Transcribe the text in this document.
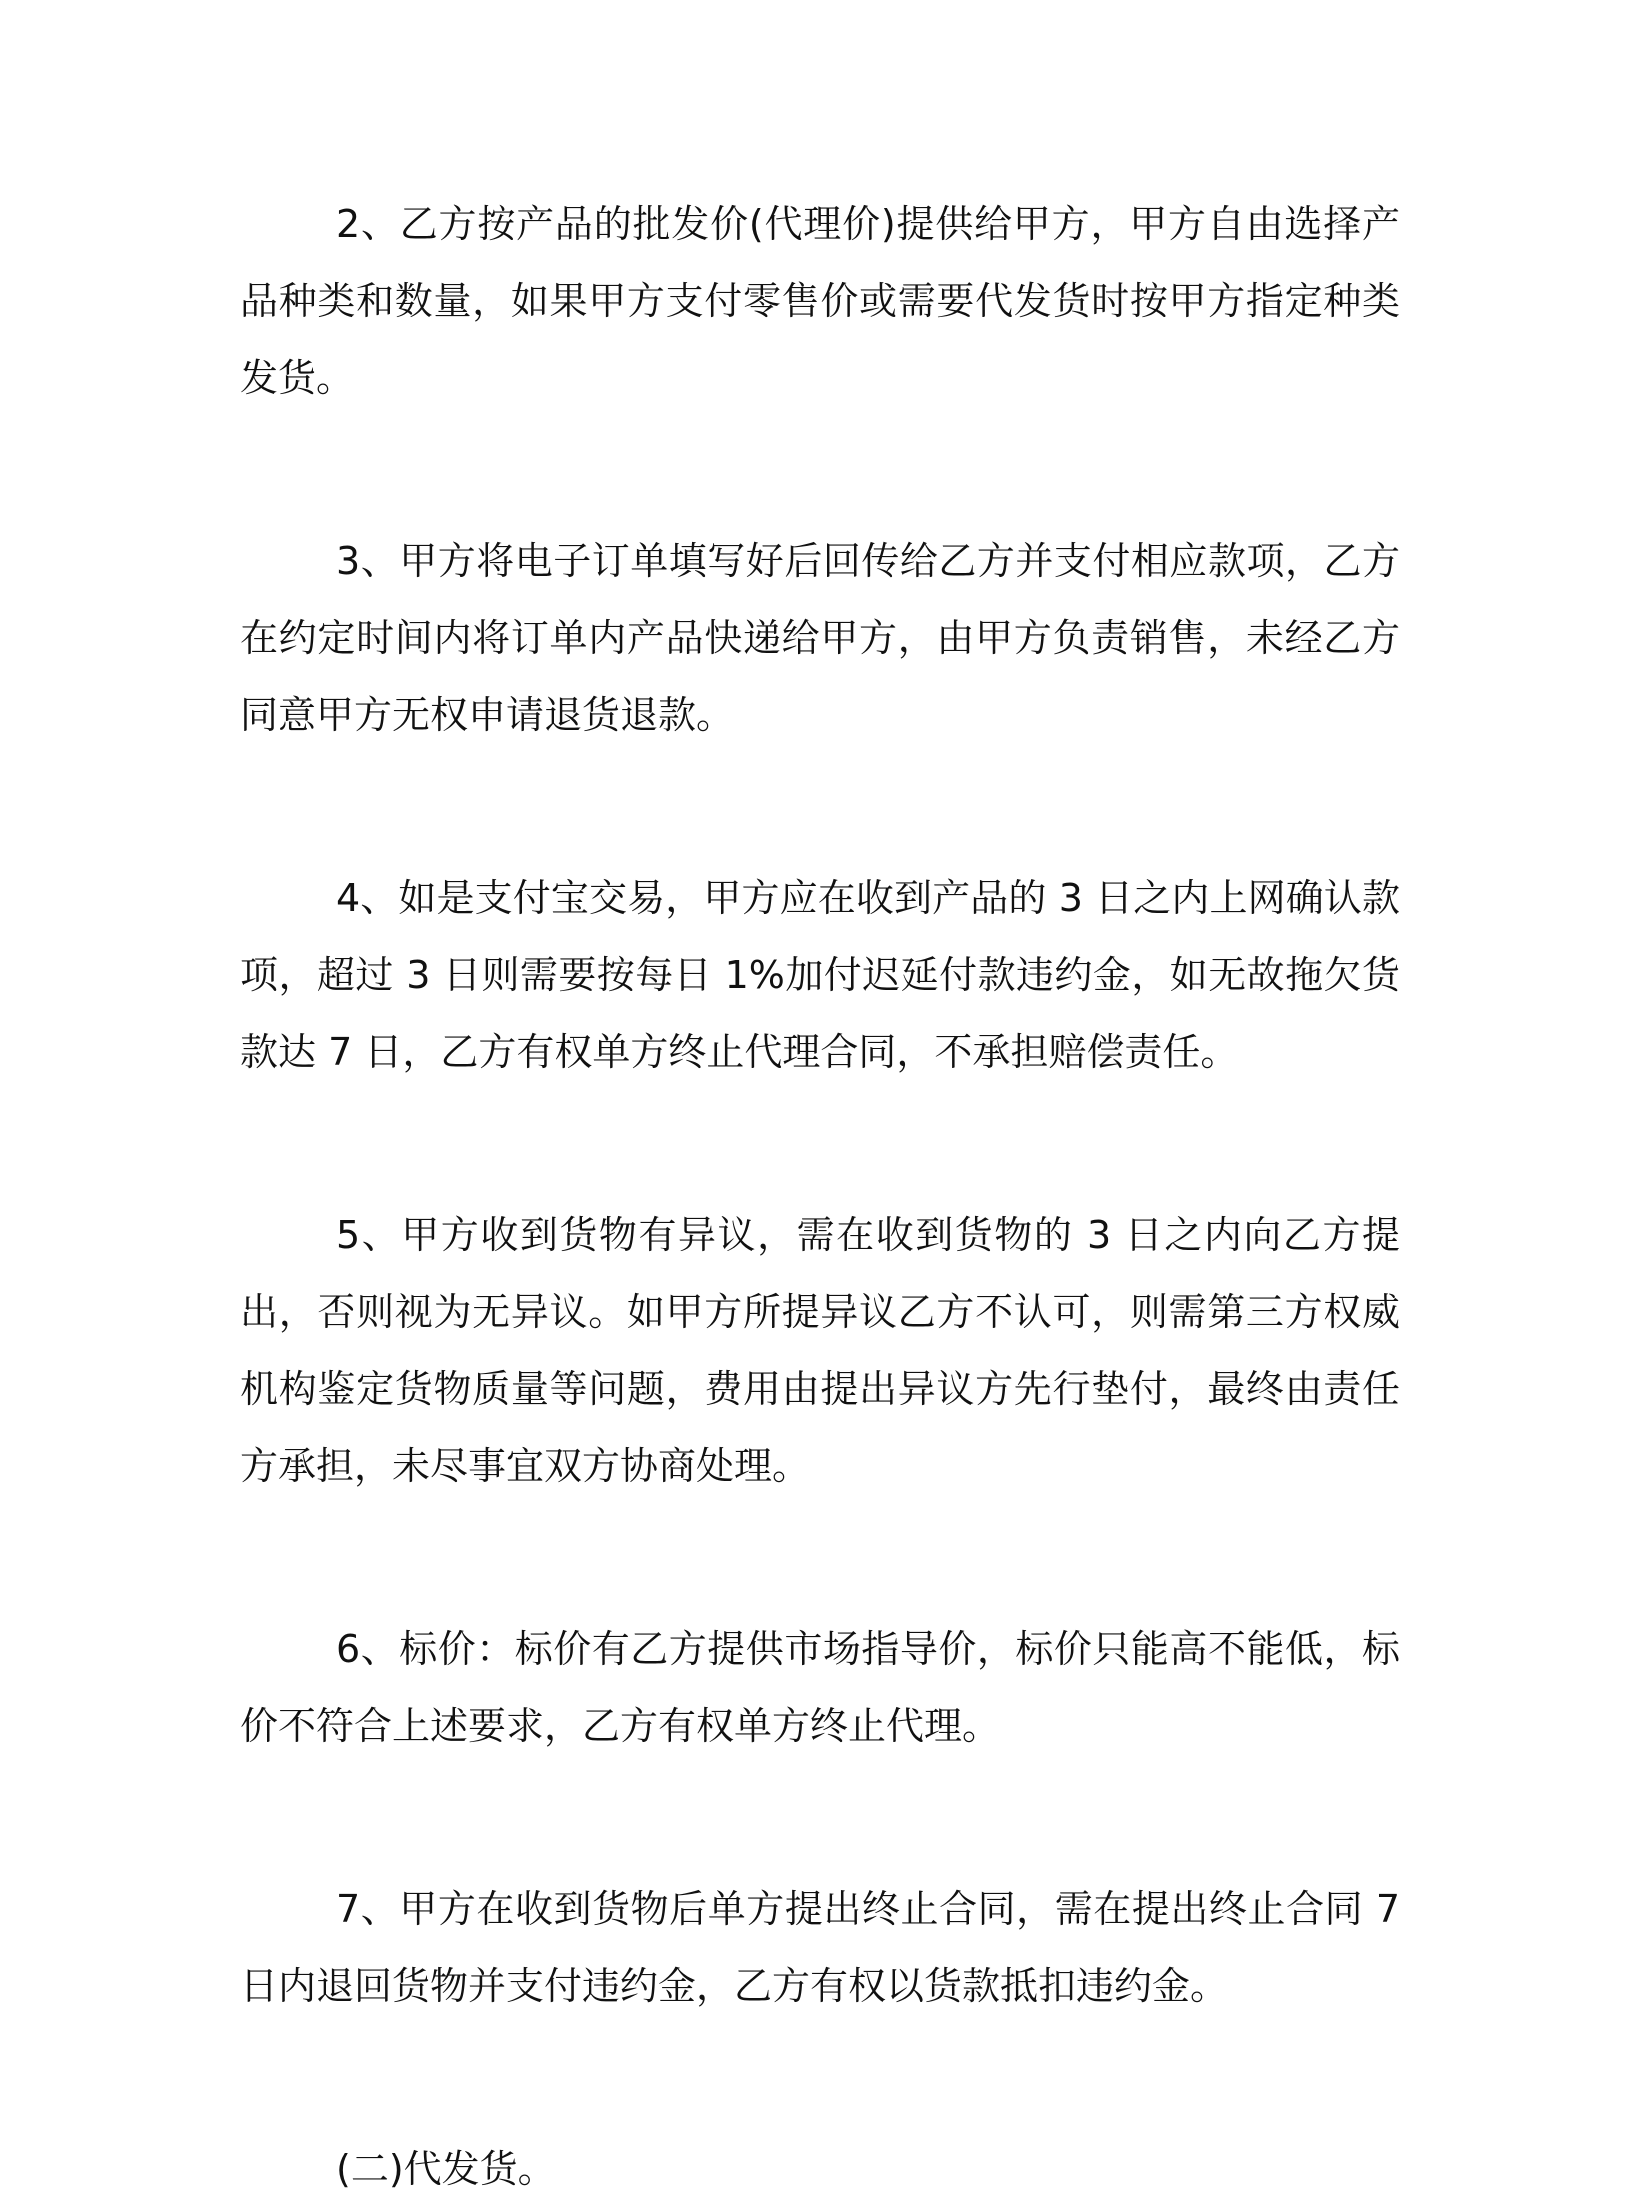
2、乙方按产品的批发价(代理价)提供给甲方，甲方自由选择产品种类和数量，如果甲方支付零售价或需要代发货时按甲方指定种类发货。

3、甲方将电子订单填写好后回传给乙方并支付相应款项，乙方在约定时间内将订单内产品快递给甲方，由甲方负责销售，未经乙方同意甲方无权申请退货退款。

4、如是支付宝交易，甲方应在收到产品的 3 日之内上网确认款项，超过 3 日则需要按每日 1%加付迟延付款违约金，如无故拖欠货款达 7 日，乙方有权单方终止代理合同，不承担赔偿责任。

5、甲方收到货物有异议，需在收到货物的 3 日之内向乙方提出，否则视为无异议。如甲方所提异议乙方不认可，则需第三方权威机构鉴定货物质量等问题，费用由提出异议方先行垫付，最终由责任方承担，未尽事宜双方协商处理。

6、标价：标价有乙方提供市场指导价，标价只能高不能低，标价不符合上述要求，乙方有权单方终止代理。

7、甲方在收到货物后单方提出终止合同，需在提出终止合同 7 日内退回货物并支付违约金，乙方有权以货款抵扣违约金。

(二)代发货。
